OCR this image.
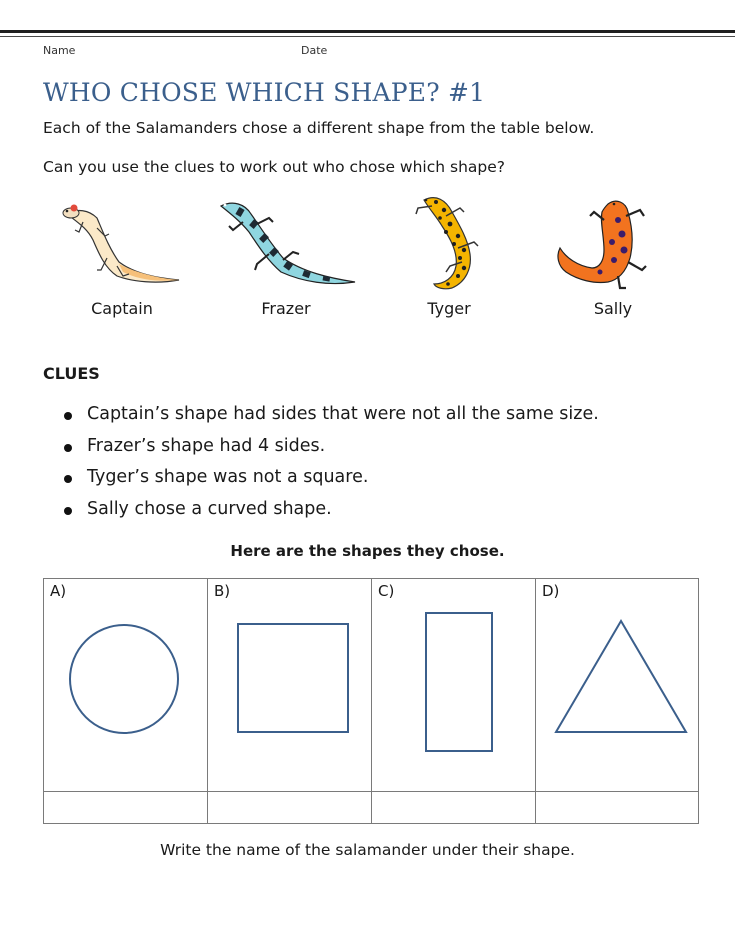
Name	Date
WHO CHOSE WHICH SHAPE? #1

Each of the Salamanders chose a different shape from the table below.

Can you use the clues to work out who chose which shape?

Captain	Frazer	Tyger	Sally
CLUES
Captain’s shape had sides that were not all the same size.
Frazer’s shape had 4 sides.
Tyger’s shape was not a square.
Sally chose a curved shape.

Here are the shapes they chose.

A)	B)	C)	D)

Write the name of the salamander under their shape.
